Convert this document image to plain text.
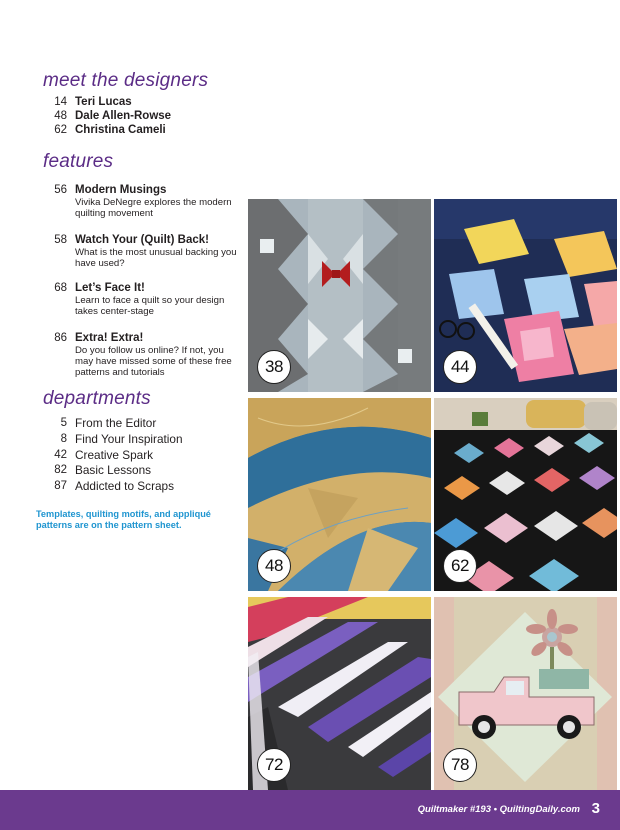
meet the designers
14 Teri Lucas
48 Dale Allen-Rowse
62 Christina Cameli
features
56 Modern Musings
Vivika DeNegre explores the modern quilting movement
58 Watch Your (Quilt) Back!
What is the most unusual backing you have used?
68 Let’s Face It!
Learn to face a quilt so your design takes center-stage
86 Extra! Extra!
Do you follow us online? If not, you may have missed some of these free patterns and tutorials
departments
5 From the Editor
8 Find Your Inspiration
42 Creative Spark
82 Basic Lessons
87 Addicted to Scraps
Templates, quilting motifs, and appliqué patterns are on the pattern sheet.
38	44
48	62
72	78
Quiltmaker #193 • QuiltingDaily.com 3
